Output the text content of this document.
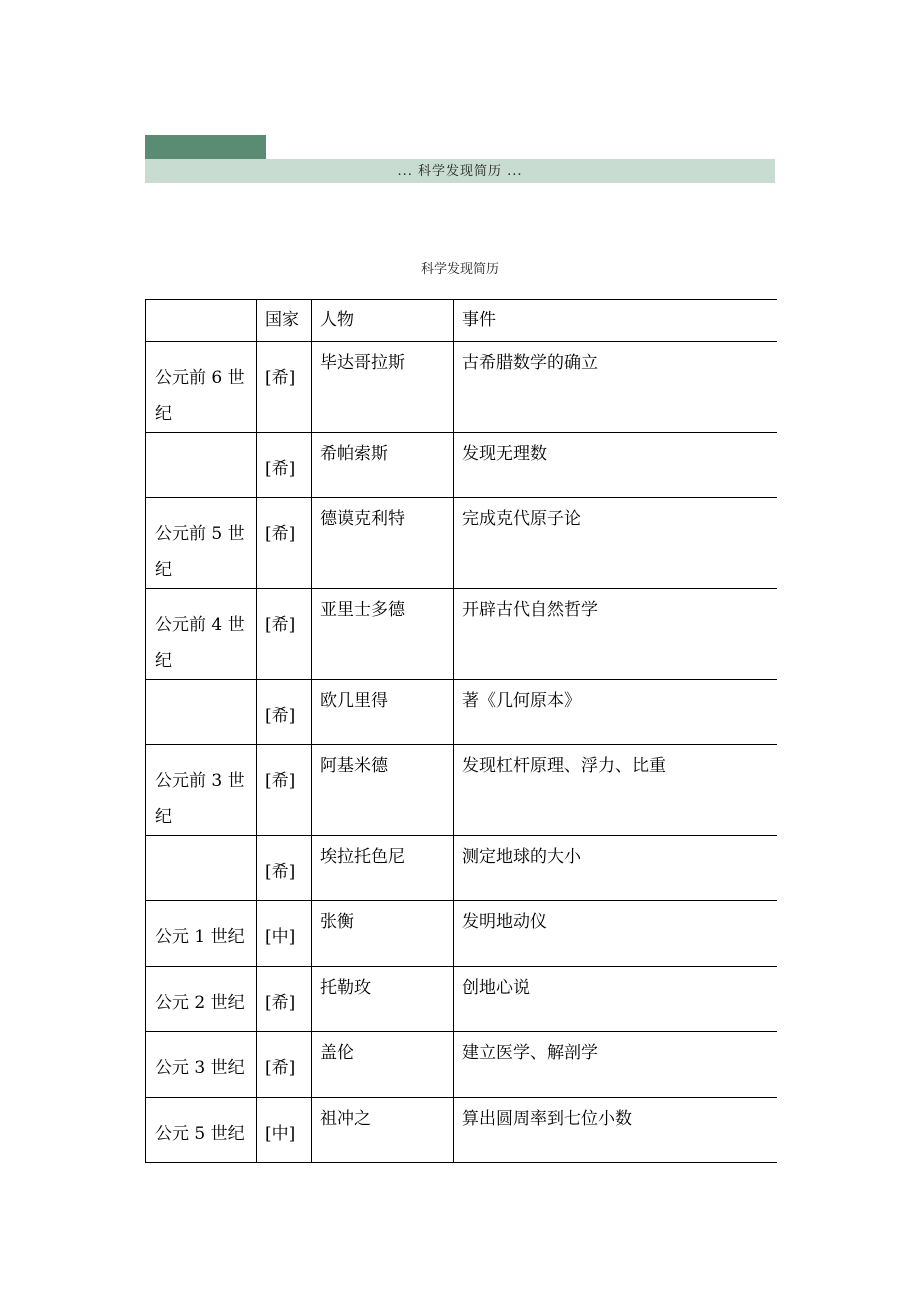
... 科学发现简历 ...
科学发现简历
	国家	人物	事件
公元前 6 世纪	[希]	毕达哥拉斯	古希腊数学的确立
	[希]	希帕索斯	发现无理数
公元前 5 世纪	[希]	德谟克利特	完成克代原子论
公元前 4 世纪	[希]	亚里士多德	开辟古代自然哲学
	[希]	欧几里得	著《几何原本》
公元前 3 世纪	[希]	阿基米德	发现杠杆原理、浮力、比重
	[希]	埃拉托色尼	测定地球的大小
公元 1 世纪	[中]	张衡	发明地动仪
公元 2 世纪	[希]	托勒玫	创地心说
公元 3 世纪	[希]	盖伦	建立医学、解剖学
公元 5 世纪	[中]	祖冲之	算出圆周率到七位小数
